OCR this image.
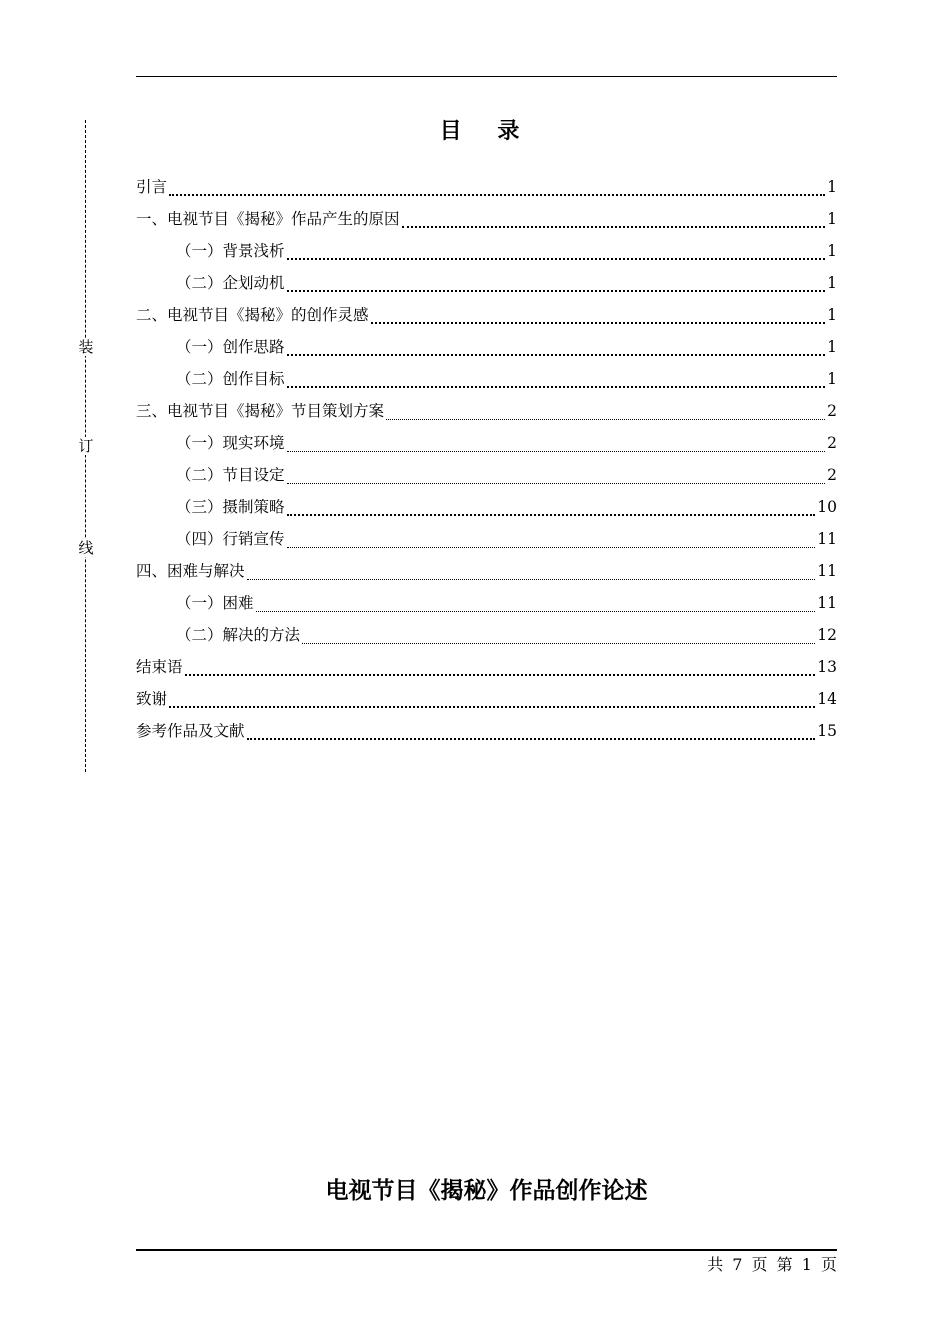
装
订
线
目 录
引言	1
一、电视节目《揭秘》作品产生的原因	1
（一）背景浅析	1
（二）企划动机	1
二、电视节目《揭秘》的创作灵感	1
（一）创作思路	1
（二）创作目标	1
三、电视节目《揭秘》节目策划方案	2
（一）现实环境	2
（二）节目设定	2
（三）摄制策略	10
（四）行销宣传	11
四、困难与解决	11
（一）困难	11
（二）解决的方法	12
结束语	13
致谢	14
参考作品及文献	15
电视节目《揭秘》作品创作论述
共 7 页 第 1 页
